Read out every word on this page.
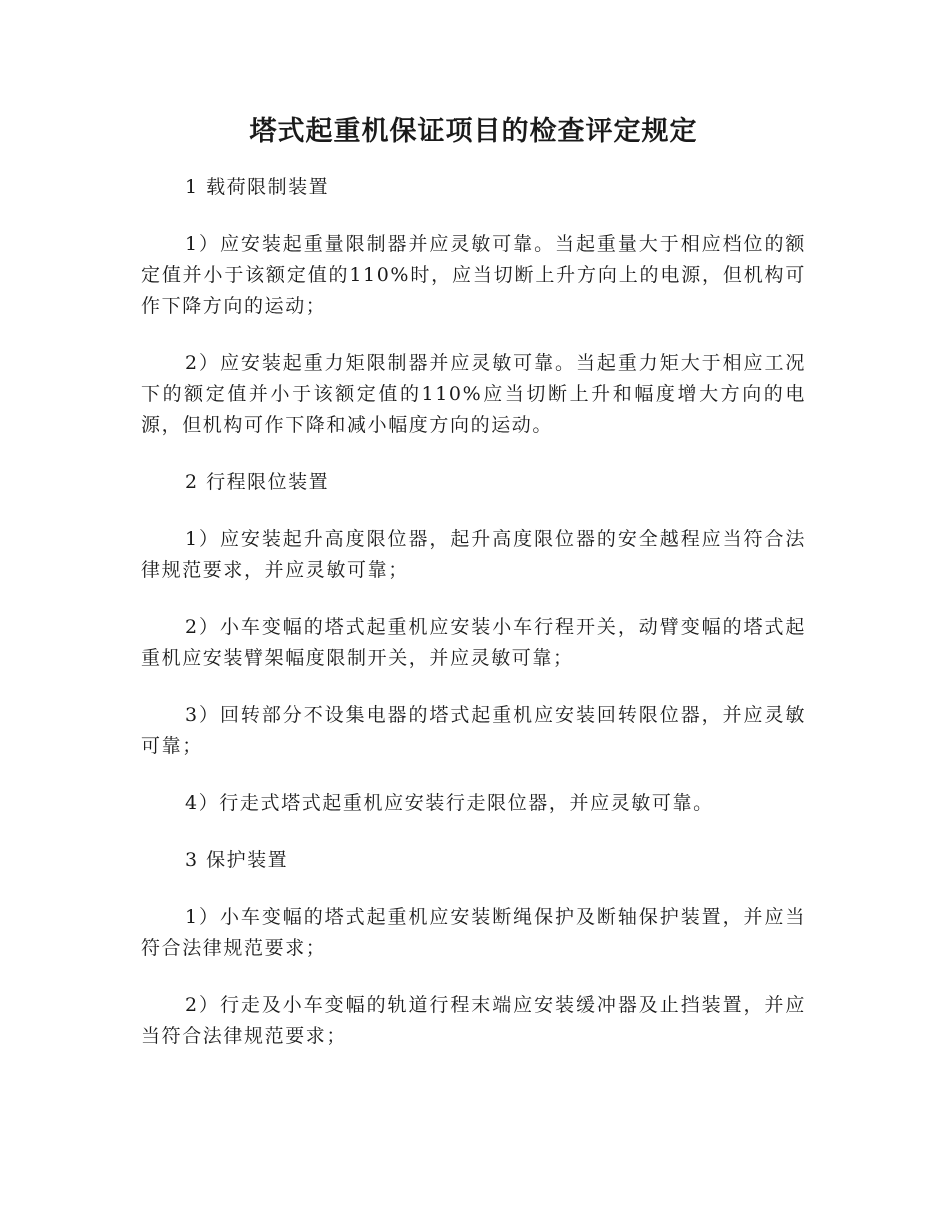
塔式起重机保证项目的检查评定规定

1 载荷限制装置

1）应安装起重量限制器并应灵敏可靠。当起重量大于相应档位的额定值并小于该额定值的110%时，应当切断上升方向上的电源，但机构可作下降方向的运动；

2）应安装起重力矩限制器并应灵敏可靠。当起重力矩大于相应工况下的额定值并小于该额定值的110%应当切断上升和幅度增大方向的电源，但机构可作下降和减小幅度方向的运动。

2 行程限位装置

1）应安装起升高度限位器，起升高度限位器的安全越程应当符合法律规范要求，并应灵敏可靠；

2）小车变幅的塔式起重机应安装小车行程开关，动臂变幅的塔式起重机应安装臂架幅度限制开关，并应灵敏可靠；

3）回转部分不设集电器的塔式起重机应安装回转限位器，并应灵敏可靠；

4）行走式塔式起重机应安装行走限位器，并应灵敏可靠。

3 保护装置

1）小车变幅的塔式起重机应安装断绳保护及断轴保护装置，并应当符合法律规范要求；

2）行走及小车变幅的轨道行程末端应安装缓冲器及止挡装置，并应当符合法律规范要求；
